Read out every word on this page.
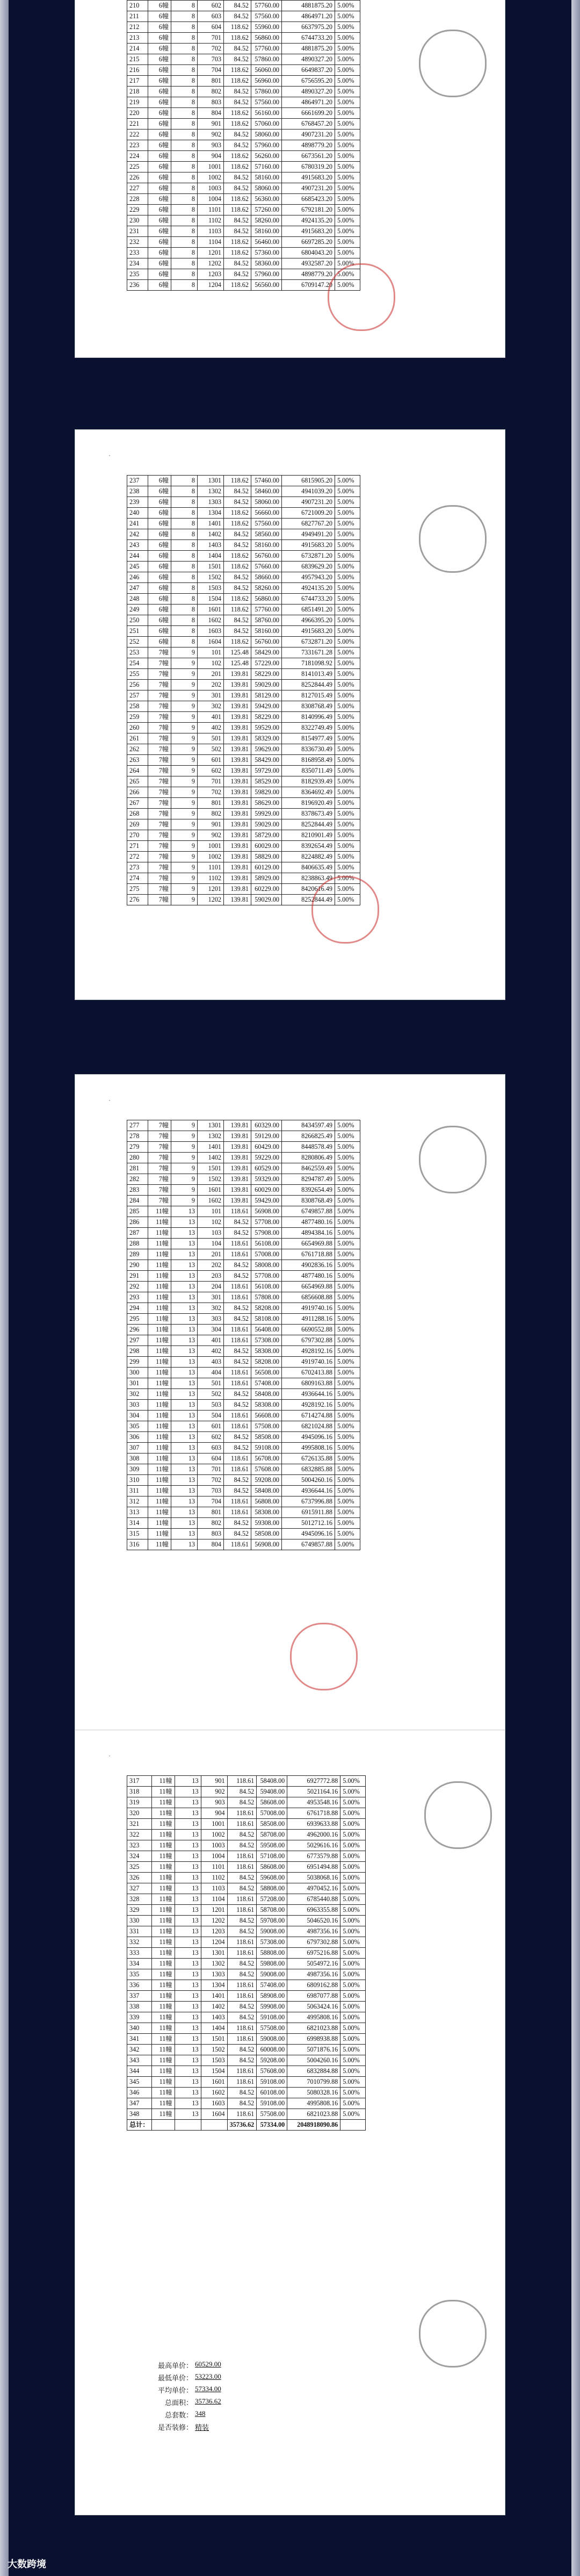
210	6幢	8	602	84.52	57760.00	4881875.20	5.00%
211	6幢	8	603	84.52	57560.00	4864971.20	5.00%
212	6幢	8	604	118.62	55960.00	6637975.20	5.00%
213	6幢	8	701	118.62	56860.00	6744733.20	5.00%
214	6幢	8	702	84.52	57760.00	4881875.20	5.00%
215	6幢	8	703	84.52	57860.00	4890327.20	5.00%
216	6幢	8	704	118.62	56060.00	6649837.20	5.00%
217	6幢	8	801	118.62	56960.00	6756595.20	5.00%
218	6幢	8	802	84.52	57860.00	4890327.20	5.00%
219	6幢	8	803	84.52	57560.00	4864971.20	5.00%
220	6幢	8	804	118.62	56160.00	6661699.20	5.00%
221	6幢	8	901	118.62	57060.00	6768457.20	5.00%
222	6幢	8	902	84.52	58060.00	4907231.20	5.00%
223	6幢	8	903	84.52	57960.00	4898779.20	5.00%
224	6幢	8	904	118.62	56260.00	6673561.20	5.00%
225	6幢	8	1001	118.62	57160.00	6780319.20	5.00%
226	6幢	8	1002	84.52	58160.00	4915683.20	5.00%
227	6幢	8	1003	84.52	58060.00	4907231.20	5.00%
228	6幢	8	1004	118.62	56360.00	6685423.20	5.00%
229	6幢	8	1101	118.62	57260.00	6792181.20	5.00%
230	6幢	8	1102	84.52	58260.00	4924135.20	5.00%
231	6幢	8	1103	84.52	58160.00	4915683.20	5.00%
232	6幢	8	1104	118.62	56460.00	6697285.20	5.00%
233	6幢	8	1201	118.62	57360.00	6804043.20	5.00%
234	6幢	8	1202	84.52	58360.00	4932587.20	5.00%
235	6幢	8	1203	84.52	57960.00	4898779.20	5.00%
236	6幢	8	1204	118.62	56560.00	6709147.20	5.00%
·
237	6幢	8	1301	118.62	57460.00	6815905.20	5.00%
238	6幢	8	1302	84.52	58460.00	4941039.20	5.00%
239	6幢	8	1303	84.52	58060.00	4907231.20	5.00%
240	6幢	8	1304	118.62	56660.00	6721009.20	5.00%
241	6幢	8	1401	118.62	57560.00	6827767.20	5.00%
242	6幢	8	1402	84.52	58560.00	4949491.20	5.00%
243	6幢	8	1403	84.52	58160.00	4915683.20	5.00%
244	6幢	8	1404	118.62	56760.00	6732871.20	5.00%
245	6幢	8	1501	118.62	57660.00	6839629.20	5.00%
246	6幢	8	1502	84.52	58660.00	4957943.20	5.00%
247	6幢	8	1503	84.52	58260.00	4924135.20	5.00%
248	6幢	8	1504	118.62	56860.00	6744733.20	5.00%
249	6幢	8	1601	118.62	57760.00	6851491.20	5.00%
250	6幢	8	1602	84.52	58760.00	4966395.20	5.00%
251	6幢	8	1603	84.52	58160.00	4915683.20	5.00%
252	6幢	8	1604	118.62	56760.00	6732871.20	5.00%
253	7幢	9	101	125.48	58429.00	7331671.28	5.00%
254	7幢	9	102	125.48	57229.00	7181098.92	5.00%
255	7幢	9	201	139.81	58229.00	8141013.49	5.00%
256	7幢	9	202	139.81	59029.00	8252844.49	5.00%
257	7幢	9	301	139.81	58129.00	8127015.49	5.00%
258	7幢	9	302	139.81	59429.00	8308768.49	5.00%
259	7幢	9	401	139.81	58229.00	8140996.49	5.00%
260	7幢	9	402	139.81	59529.00	8322749.49	5.00%
261	7幢	9	501	139.81	58329.00	8154977.49	5.00%
262	7幢	9	502	139.81	59629.00	8336730.49	5.00%
263	7幢	9	601	139.81	58429.00	8168958.49	5.00%
264	7幢	9	602	139.81	59729.00	8350711.49	5.00%
265	7幢	9	701	139.81	58529.00	8182939.49	5.00%
266	7幢	9	702	139.81	59829.00	8364692.49	5.00%
267	7幢	9	801	139.81	58629.00	8196920.49	5.00%
268	7幢	9	802	139.81	59929.00	8378673.49	5.00%
269	7幢	9	901	139.81	59029.00	8252844.49	5.00%
270	7幢	9	902	139.81	58729.00	8210901.49	5.00%
271	7幢	9	1001	139.81	60029.00	8392654.49	5.00%
272	7幢	9	1002	139.81	58829.00	8224882.49	5.00%
273	7幢	9	1101	139.81	60129.00	8406635.49	5.00%
274	7幢	9	1102	139.81	58929.00	8238863.49	5.00%
275	7幢	9	1201	139.81	60229.00	8420616.49	5.00%
276	7幢	9	1202	139.81	59029.00	8252844.49	5.00%
·
277	7幢	9	1301	139.81	60329.00	8434597.49	5.00%
278	7幢	9	1302	139.81	59129.00	8266825.49	5.00%
279	7幢	9	1401	139.81	60429.00	8448578.49	5.00%
280	7幢	9	1402	139.81	59229.00	8280806.49	5.00%
281	7幢	9	1501	139.81	60529.00	8462559.49	5.00%
282	7幢	9	1502	139.81	59329.00	8294787.49	5.00%
283	7幢	9	1601	139.81	60029.00	8392654.49	5.00%
284	7幢	9	1602	139.81	59429.00	8308768.49	5.00%
285	11幢	13	101	118.61	56908.00	6749857.88	5.00%
286	11幢	13	102	84.52	57708.00	4877480.16	5.00%
287	11幢	13	103	84.52	57908.00	4894384.16	5.00%
288	11幢	13	104	118.61	56108.00	6654969.88	5.00%
289	11幢	13	201	118.61	57008.00	6761718.88	5.00%
290	11幢	13	202	84.52	58008.00	4902836.16	5.00%
291	11幢	13	203	84.52	57708.00	4877480.16	5.00%
292	11幢	13	204	118.61	56108.00	6654969.88	5.00%
293	11幢	13	301	118.61	57808.00	6856608.88	5.00%
294	11幢	13	302	84.52	58208.00	4919740.16	5.00%
295	11幢	13	303	84.52	58108.00	4911288.16	5.00%
296	11幢	13	304	118.61	56408.00	6690552.88	5.00%
297	11幢	13	401	118.61	57308.00	6797302.88	5.00%
298	11幢	13	402	84.52	58308.00	4928192.16	5.00%
299	11幢	13	403	84.52	58208.00	4919740.16	5.00%
300	11幢	13	404	118.61	56508.00	6702413.88	5.00%
301	11幢	13	501	118.61	57408.00	6809163.88	5.00%
302	11幢	13	502	84.52	58408.00	4936644.16	5.00%
303	11幢	13	503	84.52	58308.00	4928192.16	5.00%
304	11幢	13	504	118.61	56608.00	6714274.88	5.00%
305	11幢	13	601	118.61	57508.00	6821024.88	5.00%
306	11幢	13	602	84.52	58508.00	4945096.16	5.00%
307	11幢	13	603	84.52	59108.00	4995808.16	5.00%
308	11幢	13	604	118.61	56708.00	6726135.88	5.00%
309	11幢	13	701	118.61	57608.00	6832885.88	5.00%
310	11幢	13	702	84.52	59208.00	5004260.16	5.00%
311	11幢	13	703	84.52	58408.00	4936644.16	5.00%
312	11幢	13	704	118.61	56808.00	6737996.88	5.00%
313	11幢	13	801	118.61	58308.00	6915911.88	5.00%
314	11幢	13	802	84.52	59308.00	5012712.16	5.00%
315	11幢	13	803	84.52	58508.00	4945096.16	5.00%
316	11幢	13	804	118.61	56908.00	6749857.88	5.00%
·
317	11幢	13	901	118.61	58408.00	6927772.88	5.00%
318	11幢	13	902	84.52	59408.00	5021164.16	5.00%
319	11幢	13	903	84.52	58608.00	4953548.16	5.00%
320	11幢	13	904	118.61	57008.00	6761718.88	5.00%
321	11幢	13	1001	118.61	58508.00	6939633.88	5.00%
322	11幢	13	1002	84.52	58708.00	4962000.16	5.00%
323	11幢	13	1003	84.52	59508.00	5029616.16	5.00%
324	11幢	13	1004	118.61	57108.00	6773579.88	5.00%
325	11幢	13	1101	118.61	58608.00	6951494.88	5.00%
326	11幢	13	1102	84.52	59608.00	5038068.16	5.00%
327	11幢	13	1103	84.52	58808.00	4970452.16	5.00%
328	11幢	13	1104	118.61	57208.00	6785440.88	5.00%
329	11幢	13	1201	118.61	58708.00	6963355.88	5.00%
330	11幢	13	1202	84.52	59708.00	5046520.16	5.00%
331	11幢	13	1203	84.52	59008.00	4987356.16	5.00%
332	11幢	13	1204	118.61	57308.00	6797302.88	5.00%
333	11幢	13	1301	118.61	58808.00	6975216.88	5.00%
334	11幢	13	1302	84.52	59808.00	5054972.16	5.00%
335	11幢	13	1303	84.52	59008.00	4987356.16	5.00%
336	11幢	13	1304	118.61	57408.00	6809162.88	5.00%
337	11幢	13	1401	118.61	58908.00	6987077.88	5.00%
338	11幢	13	1402	84.52	59908.00	5063424.16	5.00%
339	11幢	13	1403	84.52	59108.00	4995808.16	5.00%
340	11幢	13	1404	118.61	57508.00	6821023.88	5.00%
341	11幢	13	1501	118.61	59008.00	6998938.88	5.00%
342	11幢	13	1502	84.52	60008.00	5071876.16	5.00%
343	11幢	13	1503	84.52	59208.00	5004260.16	5.00%
344	11幢	13	1504	118.61	57608.00	6832884.88	5.00%
345	11幢	13	1601	118.61	59108.00	7010799.88	5.00%
346	11幢	13	1602	84.52	60108.00	5080328.16	5.00%
347	11幢	13	1603	84.52	59108.00	4995808.16	5.00%
348	11幢	13	1604	118.61	57508.00	6821023.88	5.00%
总计：				35736.62	57334.00	2048918090.86	
最高单价： 60529.00
最低单价： 53223.00
平均单价： 57334.00
总面积： 35736.62
总套数： 348
是否装修： 精装
大数跨境
